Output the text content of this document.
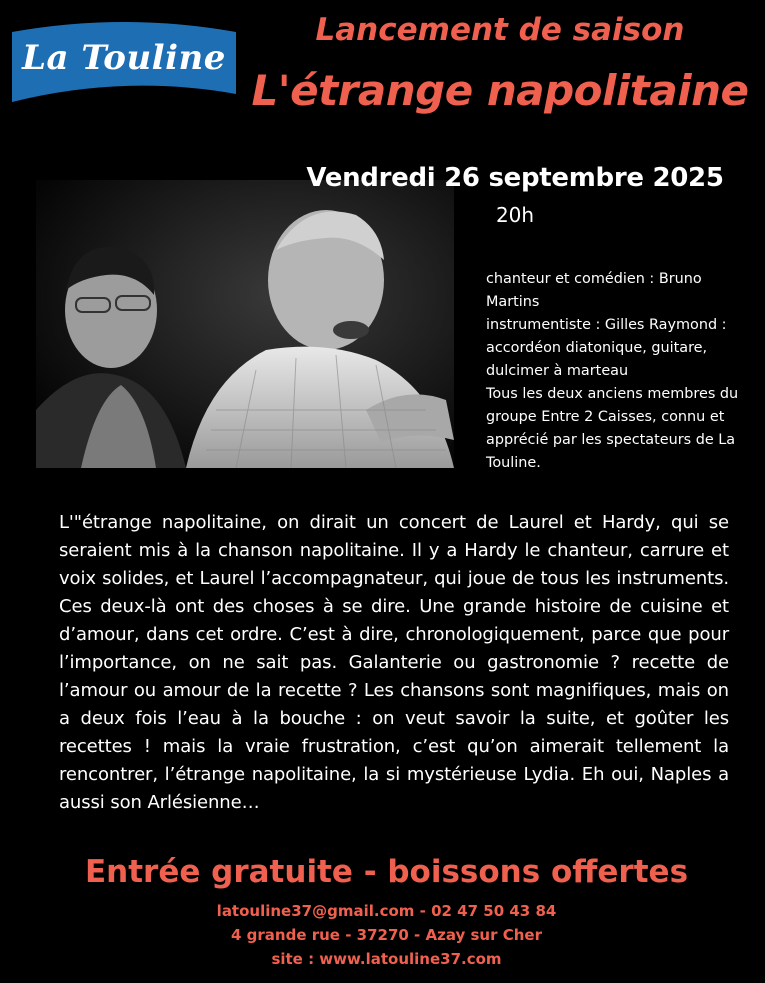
La Touline
Lancement de saison
L'étrange napolitaine
Vendredi 26 septembre 2025
20h
chanteur et comédien : Bruno Martins
instrumentiste : Gilles Raymond : accordéon diatonique, guitare, dulcimer à marteau
Tous les deux anciens membres du groupe Entre 2 Caisses, connu et apprécié par les spectateurs de La Touline.
L'"étrange napolitaine, on dirait un concert de Laurel et Hardy, qui se seraient mis à la chanson napolitaine. Il y a Hardy le chanteur, carrure et voix solides, et Laurel l’accompagnateur, qui joue de tous les instruments. Ces deux-là ont des choses à se dire. Une grande histoire de cuisine et d’amour, dans cet ordre. C’est à dire, chronologiquement, parce que pour l’importance, on ne sait pas. Galanterie ou gastronomie ? recette de l’amour ou amour de la recette ? Les chansons sont magnifiques, mais on a deux fois l’eau à la bouche : on veut savoir la suite, et goûter les recettes ! mais la vraie frustration, c’est qu’on aimerait tellement la rencontrer, l’étrange napolitaine, la si mystérieuse Lydia. Eh oui, Naples a aussi son Arlésienne…
Entrée gratuite - boissons offertes
latouline37@gmail.com - 02 47 50 43 84
4 grande rue - 37270 - Azay sur Cher
site : www.latouline37.com
